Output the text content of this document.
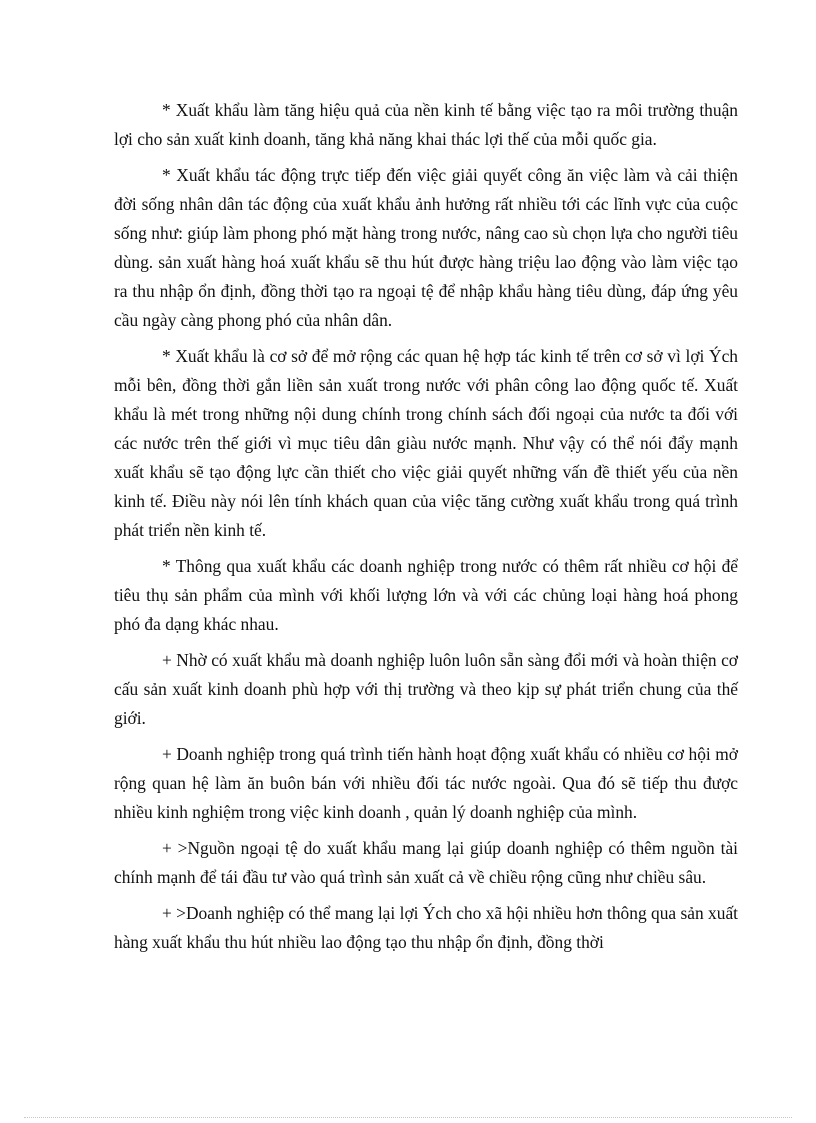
* Xuất khẩu làm tăng hiệu quả của nền kinh tế bằng việc tạo ra môi trường thuận lợi cho sản xuất kinh doanh, tăng khả năng khai thác lợi thế của mỗi quốc gia.

* Xuất khẩu tác động trực tiếp đến việc giải quyết công ăn việc làm và cải thiện đời sống nhân dân tác động của xuất khẩu ảnh hưởng rất nhiều tới các lĩnh vực của cuộc sống như: giúp làm phong phó mặt hàng trong nước, nâng cao sù chọn lựa cho người tiêu dùng. sản xuất hàng hoá xuất khẩu sẽ thu hút được hàng triệu lao động vào làm việc tạo ra thu nhập ổn định, đồng thời tạo ra ngoại tệ để nhập khẩu hàng tiêu dùng, đáp ứng yêu cầu ngày càng phong phó của nhân dân.

* Xuất khẩu là cơ sở để mở rộng các quan hệ hợp tác kinh tế trên cơ sở vì lợi Ých mỗi bên, đồng thời gắn liền sản xuất trong nước với phân công lao động quốc tế. Xuất khẩu là mét trong những nội dung chính trong chính sách đối ngoại của nước ta đối với các nước trên thế giới vì mục tiêu dân giàu nước mạnh. Như vậy có thể nói đẩy mạnh xuất khẩu sẽ tạo động lực cần thiết cho việc giải quyết những vấn đề thiết yếu của nền kinh tế. Điều này nói lên tính khách quan của việc tăng cường xuất khẩu trong quá trình phát triển nền kinh tế.

* Thông qua xuất khẩu các doanh nghiệp trong nước có thêm rất nhiều cơ hội để tiêu thụ sản phẩm của mình với khối lượng lớn và với các chủng loại hàng hoá phong phó đa dạng khác nhau.

+ Nhờ có xuất khẩu mà doanh nghiệp luôn luôn sẵn sàng đổi mới và hoàn thiện cơ cấu sản xuất kinh doanh phù hợp với thị trường và theo kịp sự phát triển chung của thế giới.

+ Doanh nghiệp trong quá trình tiến hành hoạt động xuất khẩu có nhiều cơ hội mở rộng quan hệ làm ăn buôn bán với nhiều đối tác nước ngoài. Qua đó sẽ tiếp thu được nhiều kinh nghiệm trong việc kinh doanh , quản lý doanh nghiệp của mình.

+ >Nguồn ngoại tệ do xuất khẩu mang lại giúp doanh nghiệp có thêm nguồn tài chính mạnh để tái đầu tư vào quá trình sản xuất cả về chiều rộng cũng như chiều sâu.

+ >Doanh nghiệp có thể mang lại lợi Ých cho xã hội nhiều hơn thông qua sản xuất hàng xuất khẩu thu hút nhiều lao động tạo thu nhập ổn định, đồng thời
